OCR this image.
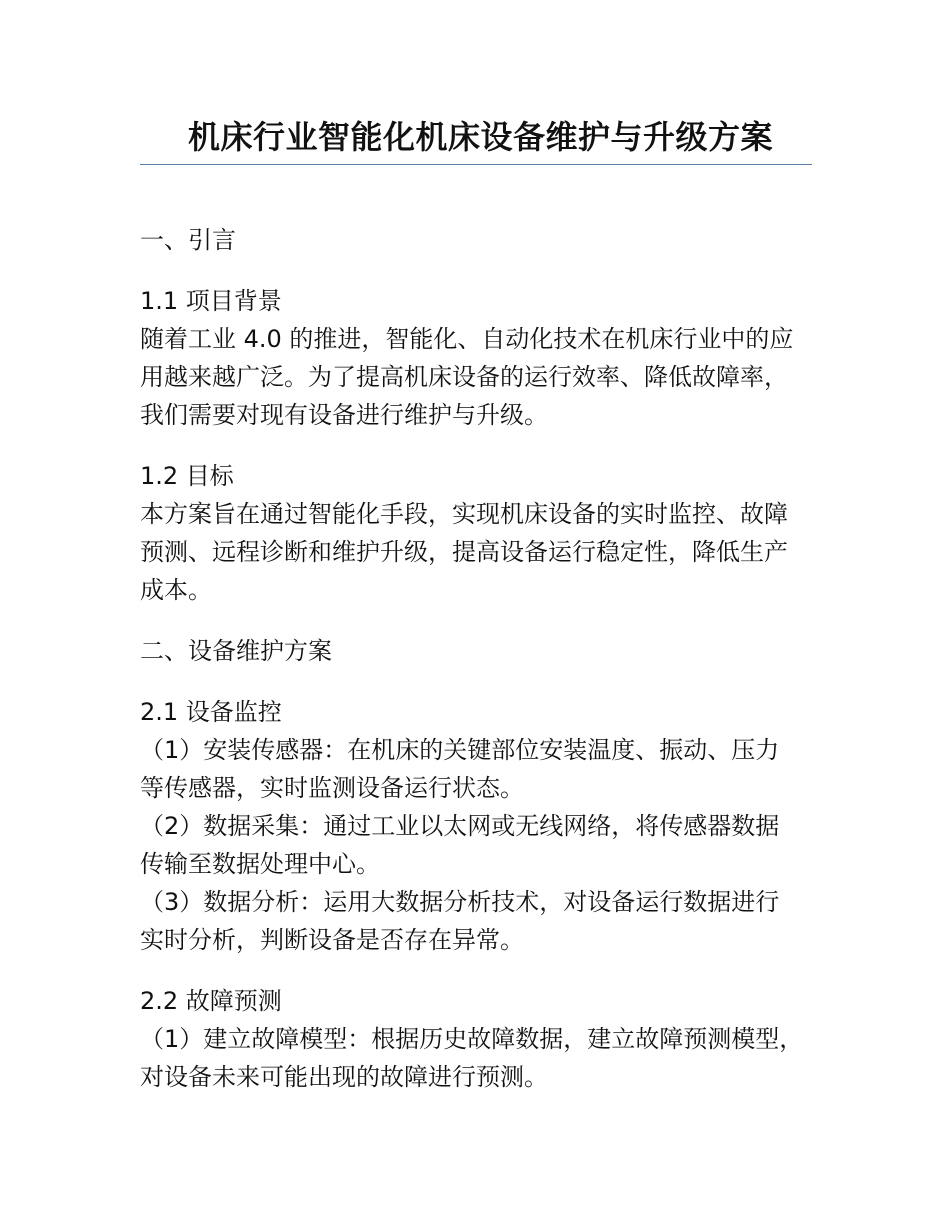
机床行业智能化机床设备维护与升级方案

一、引言

1.1 项目背景

随着工业 4.0 的推进，智能化、自动化技术在机床行业中的应

用越来越广泛。为了提高机床设备的运行效率、降低故障率，

我们需要对现有设备进行维护与升级。

1.2 目标

本方案旨在通过智能化手段，实现机床设备的实时监控、故障

预测、远程诊断和维护升级，提高设备运行稳定性，降低生产

成本。

二、设备维护方案

2.1 设备监控

（1）安装传感器：在机床的关键部位安装温度、振动、压力

等传感器，实时监测设备运行状态。

（2）数据采集：通过工业以太网或无线网络，将传感器数据

传输至数据处理中心。

（3）数据分析：运用大数据分析技术，对设备运行数据进行

实时分析，判断设备是否存在异常。

2.2 故障预测

（1）建立故障模型：根据历史故障数据，建立故障预测模型，

对设备未来可能出现的故障进行预测。
